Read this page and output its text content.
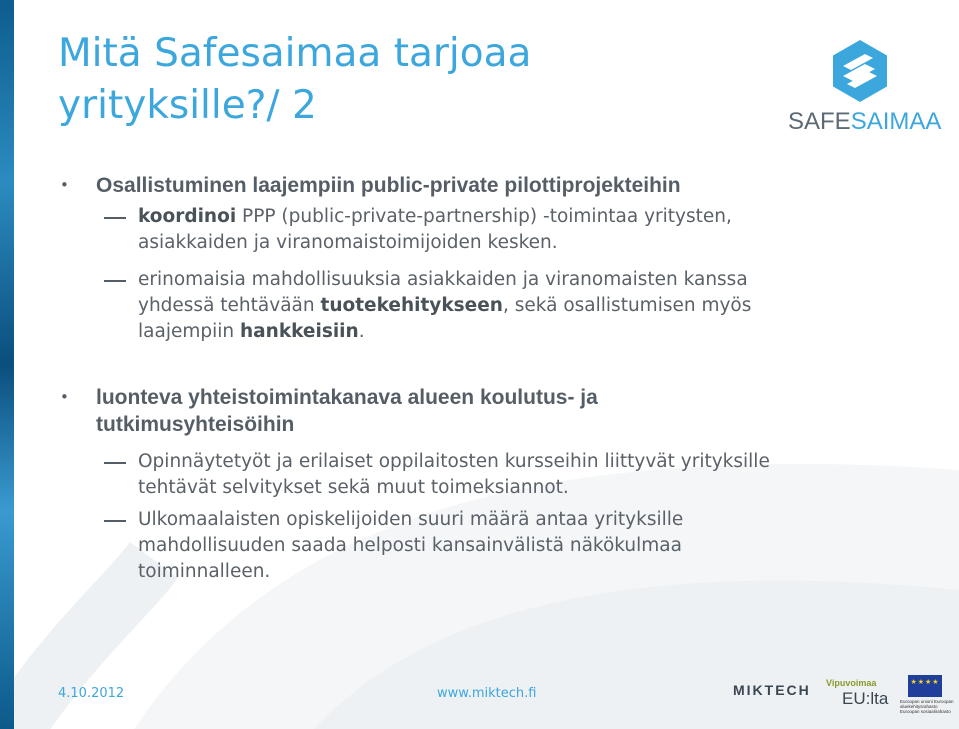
Mitä Safesaimaa tarjoaa
yrityksille?/ 2	SAFESAIMAA
• Osallistuminen laajempiin public-private pilottiprojekteihin
koordinoi PPP (public-private-partnership) -toimintaa yritysten,
asiakkaiden ja viranomaistoimijoiden kesken.
erinomaisia mahdollisuuksia asiakkaiden ja viranomaisten kanssa
yhdessä tehtävään tuotekehitykseen, sekä osallistumisen myös
laajempiin hankkeisiin.
• luonteva yhteistoimintakanava alueen koulutus- ja
tutkimusyhteisöihin
Opinnäytetyöt ja erilaiset oppilaitosten kursseihin liittyvät yrityksille
tehtävät selvitykset sekä muut toimeksiannot.
Ulkomaalaisten opiskelijoiden suuri määrä antaa yrityksille
mahdollisuuden saada helposti kansainvälistä näkökulmaa
toiminnalleen.
4.10.2012	www.miktech.fi	MIKTECH Vipuvoimaa
EU:lta
★★★★
Euroopan unioni Euroopan aluekehitysrahasto Euroopan sosiaalirahasto
